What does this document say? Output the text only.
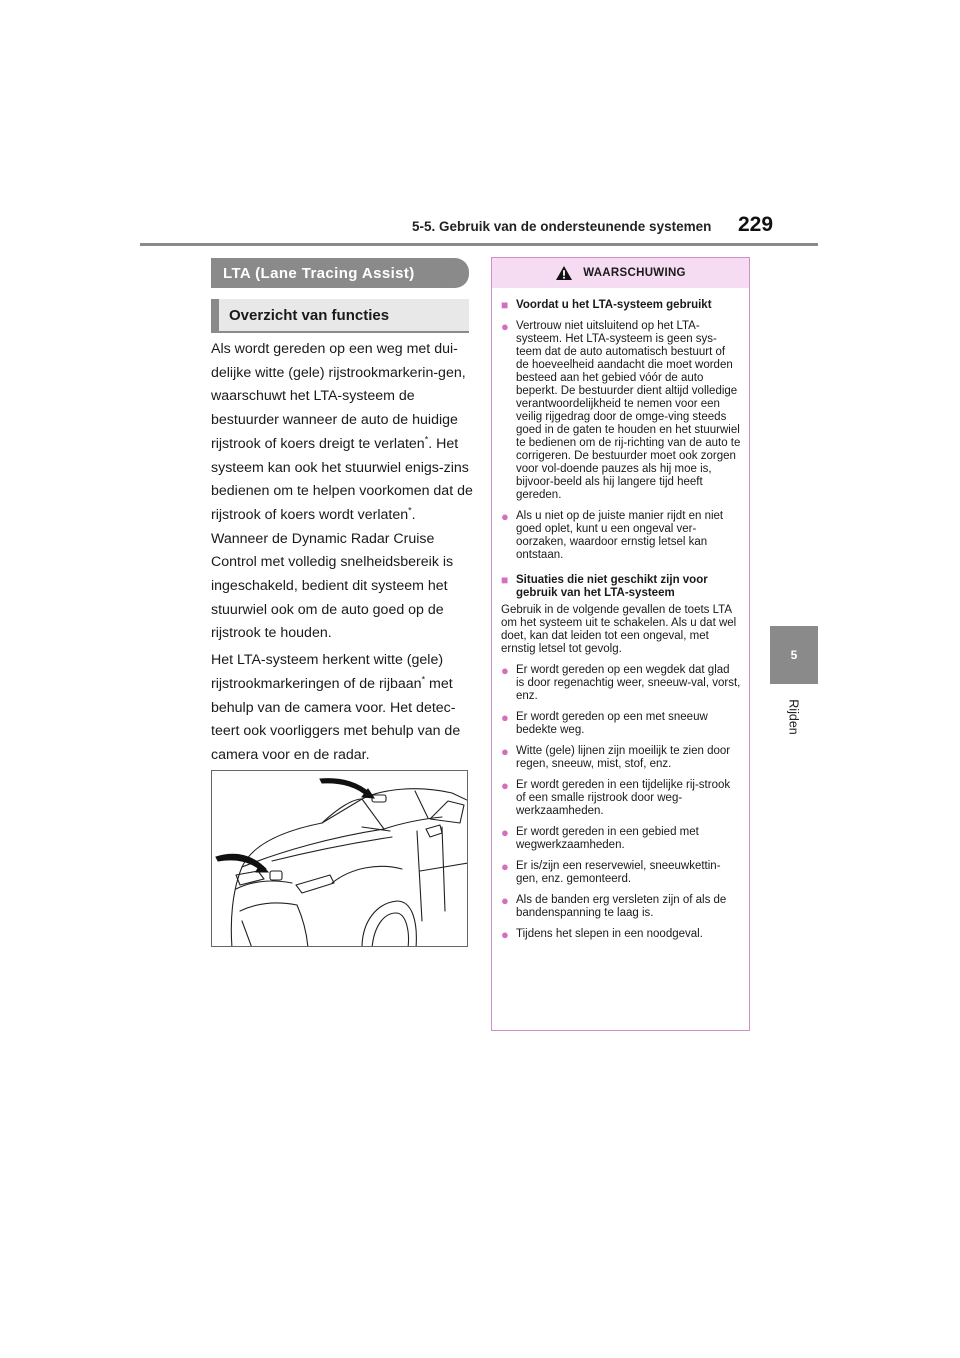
5-5. Gebruik van de ondersteunende systemen 229
5
Rijden
LTA (Lane Tracing Assist)
Overzicht van functies

Als wordt gereden op een weg met dui-delijke witte (gele) rijstrookmarkerin-gen, waarschuwt het LTA-systeem de bestuurder wanneer de auto de huidige rijstrook of koers dreigt te verlaten*. Het systeem kan ook het stuurwiel enigs-zins bedienen om te helpen voorkomen dat de rijstrook of koers wordt verlaten*. Wanneer de Dynamic Radar Cruise Control met volledig snelheidsbereik is ingeschakeld, bedient dit systeem het stuurwiel ook om de auto goed op de rijstrook te houden.

Het LTA-systeem herkent witte (gele) rijstrookmarkeringen of de rijbaan* met behulp van de camera voor. Het detec-teert ook voorliggers met behulp van de camera voor en de radar.

WAARSCHUWING
■ Voordat u het LTA-systeem gebruikt
● Vertrouw niet uitsluitend op het LTA-systeem. Het LTA-systeem is geen sys-teem dat de auto automatisch bestuurt of de hoeveelheid aandacht die moet worden besteed aan het gebied vóór de auto beperkt. De bestuurder dient altijd volledige verantwoordelijkheid te nemen voor een veilig rijgedrag door de omge-ving steeds goed in de gaten te houden en het stuurwiel te bedienen om de rij-richting van de auto te corrigeren. De bestuurder moet ook zorgen voor vol-doende pauzes als hij moe is, bijvoor-beeld als hij langere tijd heeft gereden.
● Als u niet op de juiste manier rijdt en niet goed oplet, kunt u een ongeval ver-oorzaken, waardoor ernstig letsel kan ontstaan.
■ Situaties die niet geschikt zijn voor gebruik van het LTA-systeem
Gebruik in de volgende gevallen de toets LTA om het systeem uit te schakelen. Als u dat wel doet, kan dat leiden tot een ongeval, met ernstig letsel tot gevolg.
● Er wordt gereden op een wegdek dat glad is door regenachtig weer, sneeuw-val, vorst, enz.
● Er wordt gereden op een met sneeuw bedekte weg.
● Witte (gele) lijnen zijn moeilijk te zien door regen, sneeuw, mist, stof, enz.
● Er wordt gereden in een tijdelijke rij-strook of een smalle rijstrook door weg-werkzaamheden.
● Er wordt gereden in een gebied met wegwerkzaamheden.
● Er is/zijn een reservewiel, sneeuwkettin-gen, enz. gemonteerd.
● Als de banden erg versleten zijn of als de bandenspanning te laag is.
● Tijdens het slepen in een noodgeval.
